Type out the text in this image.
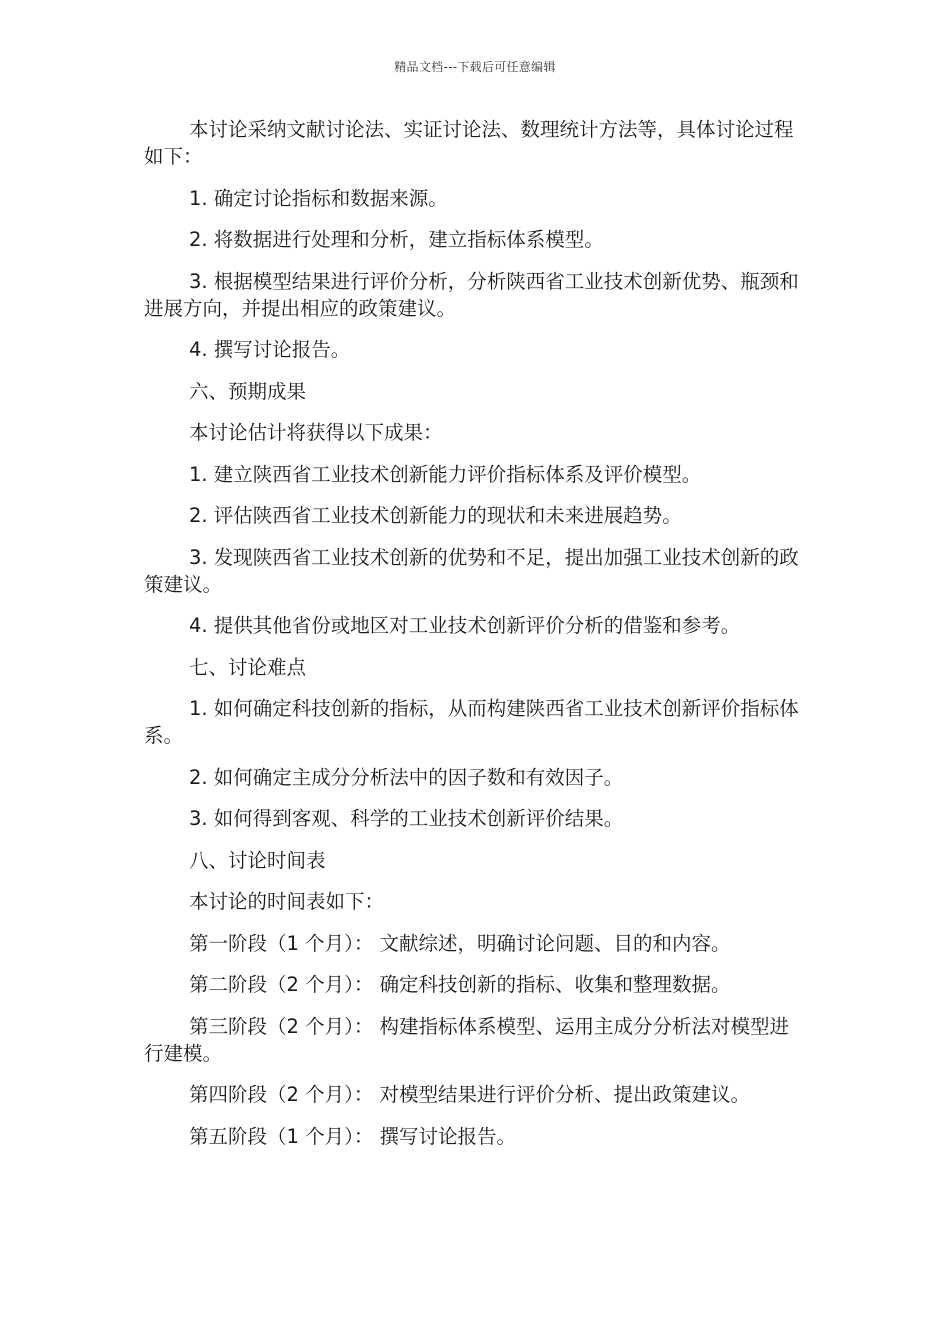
精品文档---下载后可任意编辑

本讨论采纳文献讨论法、实证讨论法、数理统计方法等，具体讨论过程如下：

1. 确定讨论指标和数据来源。

2. 将数据进行处理和分析，建立指标体系模型。

3. 根据模型结果进行评价分析，分析陕西省工业技术创新优势、瓶颈和进展方向，并提出相应的政策建议。

4. 撰写讨论报告。

六、预期成果

本讨论估计将获得以下成果：

1. 建立陕西省工业技术创新能力评价指标体系及评价模型。

2. 评估陕西省工业技术创新能力的现状和未来进展趋势。

3. 发现陕西省工业技术创新的优势和不足，提出加强工业技术创新的政策建议。

4. 提供其他省份或地区对工业技术创新评价分析的借鉴和参考。

七、讨论难点

1. 如何确定科技创新的指标，从而构建陕西省工业技术创新评价指标体系。

2. 如何确定主成分分析法中的因子数和有效因子。

3. 如何得到客观、科学的工业技术创新评价结果。

八、讨论时间表

本讨论的时间表如下：

第一阶段（1 个月）： 文献综述，明确讨论问题、目的和内容。

第二阶段（2 个月）： 确定科技创新的指标、收集和整理数据。

第三阶段（2 个月）： 构建指标体系模型、运用主成分分析法对模型进行建模。

第四阶段（2 个月）： 对模型结果进行评价分析、提出政策建议。

第五阶段（1 个月）： 撰写讨论报告。
